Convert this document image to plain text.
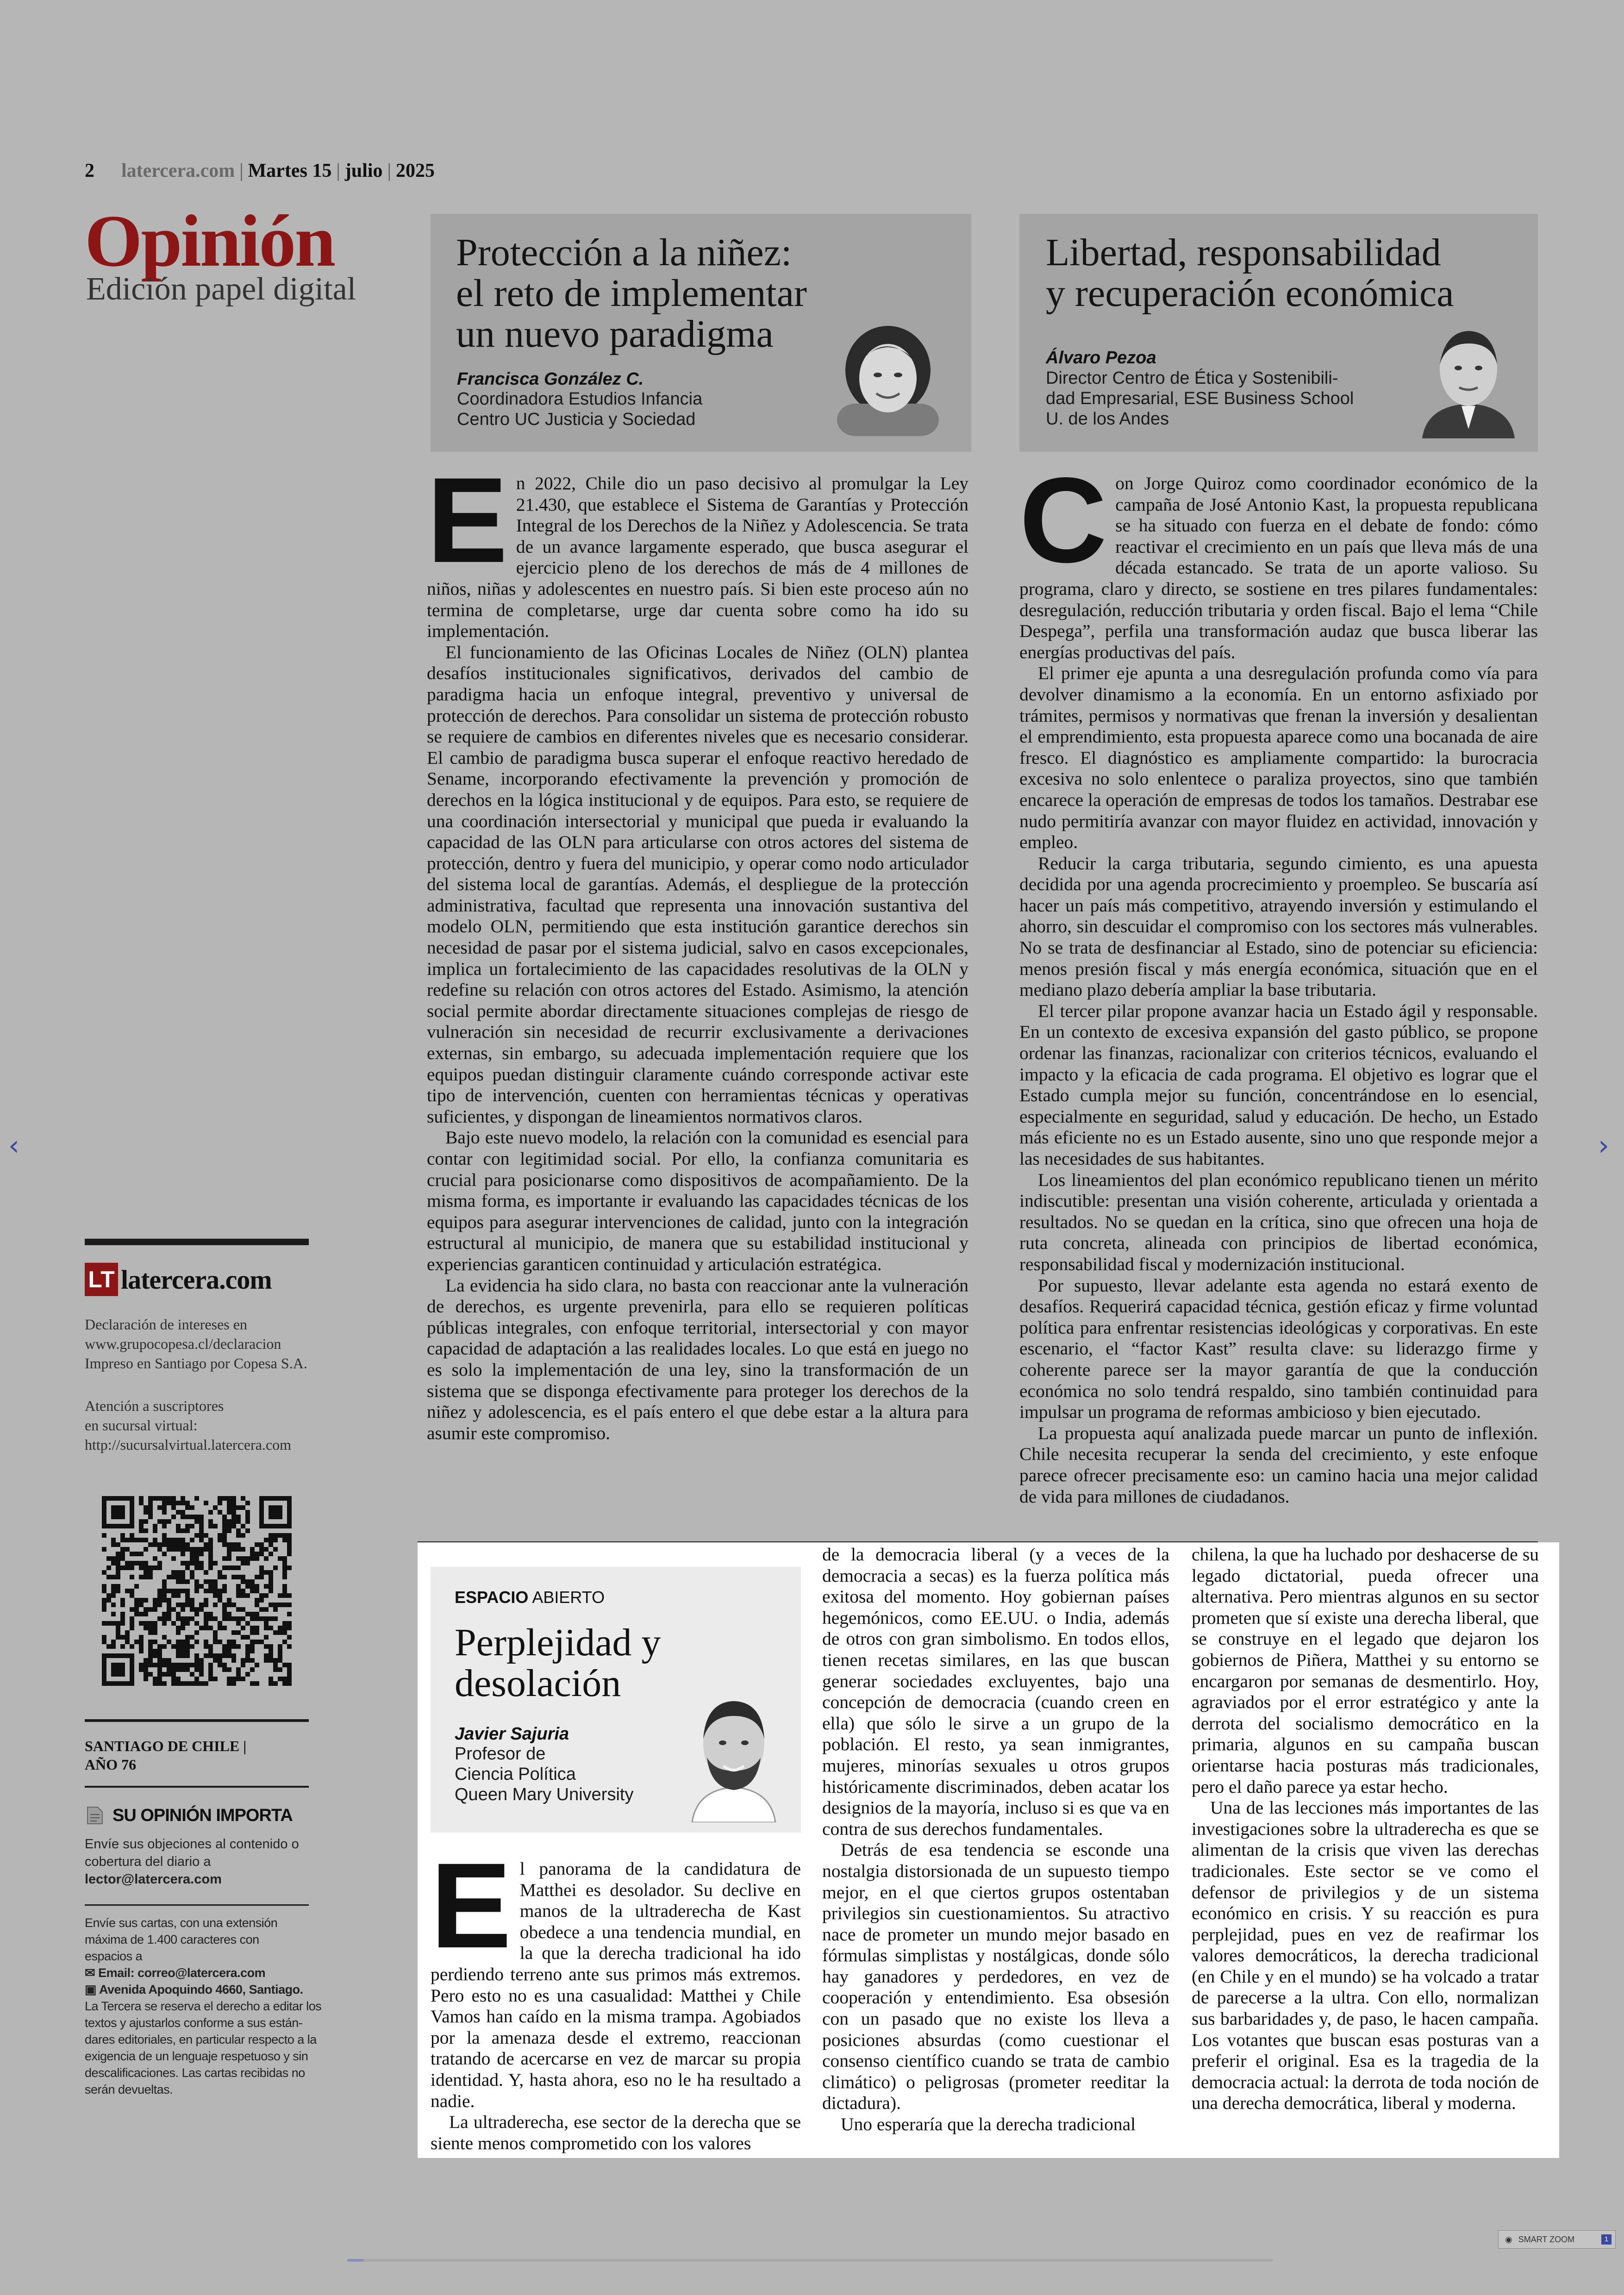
2 latercera.com | Martes 15 | julio | 2025
Opinión
Edición papel digital
Protección a la niñez:
el reto de implementar
un nuevo paradigma
Francisca González C.
Coordinadora Estudios Infancia
Centro UC Justicia y Sociedad
Libertad, responsabilidad
y recuperación económica
Álvaro Pezoa
Director Centro de Ética y Sostenibili-
dad Empresarial, ESE Business School
U. de los Andes

En 2022, Chile dio un paso decisivo al promulgar la Ley 21.430, que establece el Sistema de Garantías y Protección Integral de los Derechos de la Niñez y Adolescencia. Se trata de un avance largamente esperado, que busca asegurar el ejercicio pleno de los derechos de más de 4 millones de niños, niñas y adolescentes en nuestro país. Si bien este proceso aún no termina de completarse, urge dar cuenta sobre como ha ido su implementación.

El funcionamiento de las Oficinas Locales de Niñez (OLN) plantea desafíos institucionales significativos, derivados del cambio de paradigma hacia un enfoque integral, preventivo y universal de protección de derechos. Para consolidar un sistema de protección robusto se requiere de cambios en diferentes niveles que es necesario considerar. El cambio de paradigma busca superar el enfoque reactivo heredado de Sename, incorporando efectivamente la prevención y promoción de derechos en la lógica institucional y de equipos. Para esto, se requiere de una coordinación intersectorial y municipal que pueda ir evaluando la capacidad de las OLN para articularse con otros actores del sistema de protección, dentro y fuera del municipio, y operar como nodo articulador del sistema local de garantías. Además, el despliegue de la protección administrativa, facultad que representa una innovación sustantiva del modelo OLN, permitiendo que esta institución garantice derechos sin necesidad de pasar por el sistema judicial, salvo en casos excepcionales, implica un fortalecimiento de las capacidades resolutivas de la OLN y redefine su relación con otros actores del Estado. Asimismo, la atención social permite abordar directamente situaciones complejas de riesgo de vulneración sin necesidad de recurrir exclusivamente a derivaciones externas, sin embargo, su adecuada implementación requiere que los equipos puedan distinguir claramente cuándo corresponde activar este tipo de intervención, cuenten con herramientas técnicas y operativas suficientes, y dispongan de lineamientos normativos claros.

Bajo este nuevo modelo, la relación con la comunidad es esencial para contar con legitimidad social. Por ello, la confianza comunitaria es crucial para posicionarse como dispositivos de acompañamiento. De la misma forma, es importante ir evaluando las capacidades técnicas de los equipos para asegurar intervenciones de calidad, junto con la integración estructural al municipio, de manera que su estabilidad institucional y experiencias garanticen continuidad y articulación estratégica.

La evidencia ha sido clara, no basta con reaccionar ante la vulneración de derechos, es urgente prevenirla, para ello se requieren políticas públicas integrales, con enfoque territorial, intersectorial y con mayor capacidad de adaptación a las realidades locales. Lo que está en juego no es solo la implementación de una ley, sino la transformación de un sistema que se disponga efectivamente para proteger los derechos de la niñez y adolescencia, es el país entero el que debe estar a la altura para asumir este compromiso.

Con Jorge Quiroz como coordinador económico de la campaña de José Antonio Kast, la propuesta republicana se ha situado con fuerza en el debate de fondo: cómo reactivar el crecimiento en un país que lleva más de una década estancado. Se trata de un aporte valioso. Su programa, claro y directo, se sostiene en tres pilares fundamentales: desregulación, reducción tributaria y orden fiscal. Bajo el lema “Chile Despega”, perfila una transformación audaz que busca liberar las energías productivas del país.

El primer eje apunta a una desregulación profunda como vía para devolver dinamismo a la economía. En un entorno asfixiado por trámites, permisos y normativas que frenan la inversión y desalientan el emprendimiento, esta propuesta aparece como una bocanada de aire fresco. El diagnóstico es ampliamente compartido: la burocracia excesiva no solo enlentece o paraliza proyectos, sino que también encarece la operación de empresas de todos los tamaños. Destrabar ese nudo permitiría avanzar con mayor fluidez en actividad, innovación y empleo.

Reducir la carga tributaria, segundo cimiento, es una apuesta decidida por una agenda procrecimiento y proempleo. Se buscaría así hacer un país más competitivo, atrayendo inversión y estimulando el ahorro, sin descuidar el compromiso con los sectores más vulnerables. No se trata de desfinanciar al Estado, sino de potenciar su eficiencia: menos presión fiscal y más energía económica, situación que en el mediano plazo debería ampliar la base tributaria.

El tercer pilar propone avanzar hacia un Estado ágil y responsable. En un contexto de excesiva expansión del gasto público, se propone ordenar las finanzas, racionalizar con criterios técnicos, evaluando el impacto y la eficacia de cada programa. El objetivo es lograr que el Estado cumpla mejor su función, concentrándose en lo esencial, especialmente en seguridad, salud y educación. De hecho, un Estado más eficiente no es un Estado ausente, sino uno que responde mejor a las necesidades de sus habitantes.

Los lineamientos del plan económico republicano tienen un mérito indiscutible: presentan una visión coherente, articulada y orientada a resultados. No se quedan en la crítica, sino que ofrecen una hoja de ruta concreta, alineada con principios de libertad económica, responsabilidad fiscal y modernización institucional.

Por supuesto, llevar adelante esta agenda no estará exento de desafíos. Requerirá capacidad técnica, gestión eficaz y firme voluntad política para enfrentar resistencias ideológicas y corporativas. En este escenario, el “factor Kast” resulta clave: su liderazgo firme y coherente parece ser la mayor garantía de que la conducción económica no solo tendrá respaldo, sino también continuidad para impulsar un programa de reformas ambicioso y bien ejecutado.

La propuesta aquí analizada puede marcar un punto de inflexión. Chile necesita recuperar la senda del crecimiento, y este enfoque parece ofrecer precisamente eso: un camino hacia una mejor calidad de vida para millones de ciudadanos.

ESPACIO ABIERTO
Perplejidad y
desolación
Javier Sajuria
Profesor de
Ciencia Política
Queen Mary University

El panorama de la candidatura de Matthei es desolador. Su declive en manos de la ultraderecha de Kast obedece a una tendencia mundial, en la que la derecha tradicional ha ido perdiendo terreno ante sus primos más extremos. Pero esto no es una casualidad: Matthei y Chile Vamos han caído en la misma trampa. Agobiados por la amenaza desde el extremo, reaccionan tratando de acercarse en vez de marcar su propia identidad. Y, hasta ahora, eso no le ha resultado a nadie.

La ultraderecha, ese sector de la derecha que se siente menos comprometido con los valores

de la democracia liberal (y a veces de la democracia a secas) es la fuerza política más exitosa del momento. Hoy gobiernan países hegemónicos, como EE.UU. o India, además de otros con gran simbolismo. En todos ellos, tienen recetas similares, en las que buscan generar sociedades excluyentes, bajo una concepción de democracia (cuando creen en ella) que sólo le sirve a un grupo de la población. El resto, ya sean inmigrantes, mujeres, minorías sexuales u otros grupos históricamente discriminados, deben acatar los designios de la mayoría, incluso si es que va en contra de sus derechos fundamentales.

Detrás de esa tendencia se esconde una nostalgia distorsionada de un supuesto tiempo mejor, en el que ciertos grupos ostentaban privilegios sin cuestionamientos. Su atractivo nace de prometer un mundo mejor basado en fórmulas simplistas y nostálgicas, donde sólo hay ganadores y perdedores, en vez de cooperación y entendimiento. Esa obsesión con un pasado que no existe los lleva a posiciones absurdas (como cuestionar el consenso científico cuando se trata de cambio climático) o peligrosas (prometer reeditar la dictadura).

Uno esperaría que la derecha tradicional

chilena, la que ha luchado por deshacerse de su legado dictatorial, pueda ofrecer una alternativa. Pero mientras algunos en su sector prometen que sí existe una derecha liberal, que se construye en el legado que dejaron los gobiernos de Piñera, Matthei y su entorno se encargaron por semanas de desmentirlo. Hoy, agraviados por el error estratégico y ante la derrota del socialismo democrático en la primaria, algunos en su campaña buscan orientarse hacia posturas más tradicionales, pero el daño parece ya estar hecho.

Una de las lecciones más importantes de las investigaciones sobre la ultraderecha es que se alimentan de la crisis que viven las derechas tradicionales. Este sector se ve como el defensor de privilegios y de un sistema económico en crisis. Y su reacción es pura perplejidad, pues en vez de reafirmar los valores democráticos, la derecha tradicional (en Chile y en el mundo) se ha volcado a tratar de parecerse a la ultra. Con ello, normalizan sus barbaridades y, de paso, le hacen campaña. Los votantes que buscan esas posturas van a preferir el original. Esa es la tragedia de la democracia actual: la derrota de toda noción de una derecha democrática, liberal y moderna.

LT latercera.com
Declaración de intereses en
www.grupocopesa.cl/declaracion
Impreso en Santiago por Copesa S.A.
Atención a suscriptores
en sucursal virtual:
http://sucursalvirtual.latercera.com
SANTIAGO DE CHILE |
AÑO 76
SU OPINIÓN IMPORTA
Envíe sus objeciones al contenido o
cobertura del diario a
lector@latercera.com
Envíe sus cartas, con una extensión
máxima de 1.400 caracteres con
espacios a
✉ Email: correo@latercera.com
▣ Avenida Apoquindo 4660, Santiago.
La Tercera se reserva el derecho a editar los
textos y ajustarlos conforme a sus están-
dares editoriales, en particular respecto a la
exigencia de un lenguaje respetuoso y sin
descalificaciones. Las cartas recibidas no
serán devueltas.
‹	›
◉ SMART ZOOM	1
